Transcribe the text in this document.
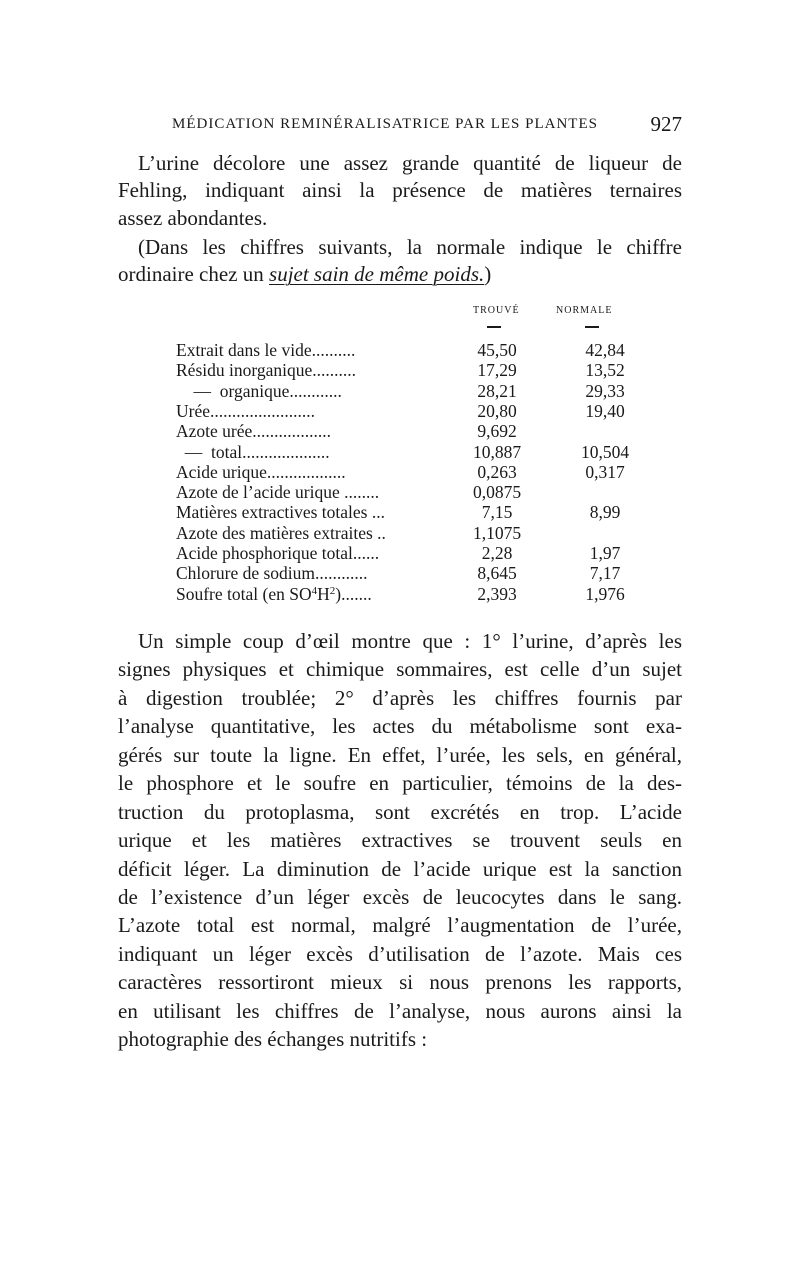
MÉDICATION REMINÉRALISATRICE PAR LES PLANTES	927
L’urine décolore une assez grande quantité de liqueur de
Fehling, indiquant ainsi la présence de matières ternaires
assez abondantes.
(Dans les chiffres suivants, la normale indique le chiffre
ordinaire chez un sujet sain de même poids.)
TROUVÉ	NORMALE
Extrait dans le vide..........	45,50	42,84
Résidu inorganique..........	17,29	13,52
—  organique............	28,21	29,33
Urée........................	20,80	19,40
Azote urée..................	9,692
—  total....................	10,887	10,504
Acide urique..................	0,263	0,317
Azote de l’acide urique ........	0,0875
Matières extractives totales ...	7,15	8,99
Azote des matières extraites ..	1,1075
Acide phosphorique total......	2,28	1,97
Chlorure de sodium............	8,645	7,17
Soufre total (en $SO^4H^2$).......	2,393	1,976
Un simple coup d’œil montre que : 1° l’urine, d’après les
signes physiques et chimique sommaires, est celle d’un sujet
à digestion troublée; 2° d’après les chiffres fournis par
l’analyse quantitative, les actes du métabolisme sont exa-
gérés sur toute la ligne. En effet, l’urée, les sels, en général,
le phosphore et le soufre en particulier, témoins de la des-
truction du protoplasma, sont excrétés en trop. L’acide
urique et les matières extractives se trouvent seuls en
déficit léger. La diminution de l’acide urique est la sanction
de l’existence d’un léger excès de leucocytes dans le sang.
L’azote total est normal, malgré l’augmentation de l’urée,
indiquant un léger excès d’utilisation de l’azote. Mais ces
caractères ressortiront mieux si nous prenons les rapports,
en utilisant les chiffres de l’analyse, nous aurons ainsi la
photographie des échanges nutritifs :
